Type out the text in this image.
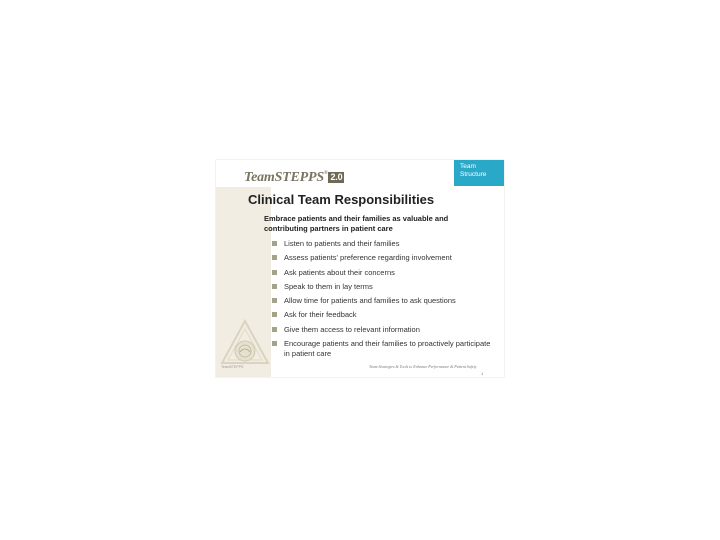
TeamSTEPPS
TeamSTEPPS® 2.0
Team
Structure
Clinical Team Responsibilities
Embrace patients and their families as valuable and contributing partners in patient care
Listen to patients and their families
Assess patients' preference regarding involvement
Ask patients about their concerns
Speak to them in lay terms
Allow time for patients and families to ask questions
Ask for their feedback
Give them access to relevant information
Encourage patients and their families to proactively participate in patient care
Team Strategies & Tools to Enhance Performance & Patient Safety
1
